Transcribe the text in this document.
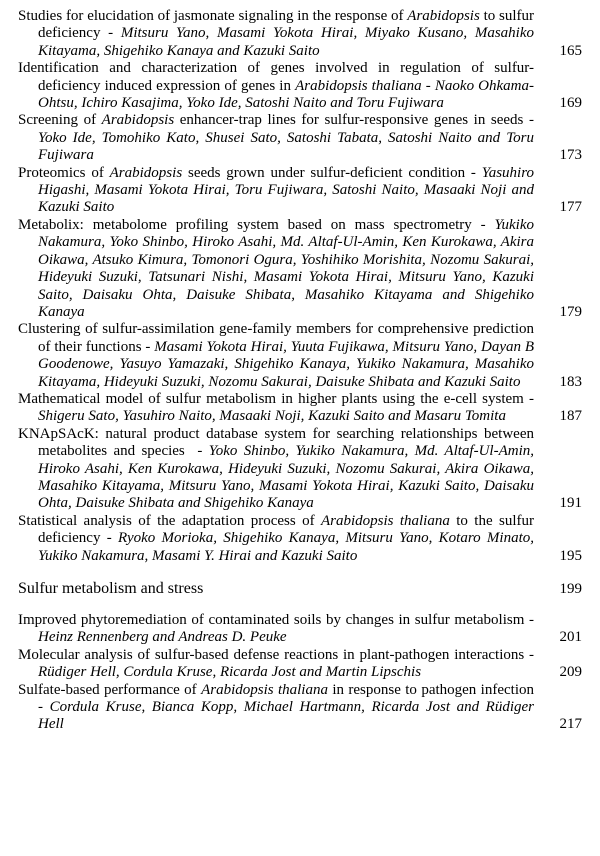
Studies for elucidation of jasmonate signaling in the response of Arabidopsis to sulfur deficiency - Mitsuru Yano, Masami Yokota Hirai, Miyako Kusano, Masahiko Kitayama, Shigehiko Kanaya and Kazuki Saito	165
Identification and characterization of genes involved in regulation of sulfur-deficiency induced expression of genes in Arabidopsis thaliana - Naoko Ohkama-Ohtsu, Ichiro Kasajima, Yoko Ide, Satoshi Naito and Toru Fujiwara	169
Screening of Arabidopsis enhancer-trap lines for sulfur-responsive genes in seeds - Yoko Ide, Tomohiko Kato, Shusei Sato, Satoshi Tabata, Satoshi Naito and Toru Fujiwara	173
Proteomics of Arabidopsis seeds grown under sulfur-deficient condition - Yasuhiro Higashi, Masami Yokota Hirai, Toru Fujiwara, Satoshi Naito, Masaaki Noji and Kazuki Saito	177
Metabolix: metabolome profiling system based on mass spectrometry - Yukiko Nakamura, Yoko Shinbo, Hiroko Asahi, Md. Altaf-Ul-Amin, Ken Kurokawa, Akira Oikawa, Atsuko Kimura, Tomonori Ogura, Yoshihiko Morishita, Nozomu Sakurai, Hideyuki Suzuki, Tatsunari Nishi, Masami Yokota Hirai, Mitsuru Yano, Kazuki Saito, Daisaku Ohta, Daisuke Shibata, Masahiko Kitayama and Shigehiko Kanaya	179
Clustering of sulfur-assimilation gene-family members for comprehensive prediction of their functions - Masami Yokota Hirai, Yuuta Fujikawa, Mitsuru Yano, Dayan B Goodenowe, Yasuyo Yamazaki, Shigehiko Kanaya, Yukiko Nakamura, Masahiko Kitayama, Hideyuki Suzuki, Nozomu Sakurai, Daisuke Shibata and Kazuki Saito	183
Mathematical model of sulfur metabolism in higher plants using the e-cell system - Shigeru Sato, Yasuhiro Naito, Masaaki Noji, Kazuki Saito and Masaru Tomita	187
KNApSAcK: natural product database system for searching relationships between metabolites and species  - Yoko Shinbo, Yukiko Nakamura, Md. Altaf-Ul-Amin, Hiroko Asahi, Ken Kurokawa, Hideyuki Suzuki, Nozomu Sakurai, Akira Oikawa, Masahiko Kitayama, Mitsuru Yano, Masami Yokota Hirai, Kazuki Saito, Daisaku Ohta, Daisuke Shibata and Shigehiko Kanaya	191
Statistical analysis of the adaptation process of Arabidopsis thaliana to the sulfur deficiency - Ryoko Morioka, Shigehiko Kanaya, Mitsuru Yano, Kotaro Minato, Yukiko Nakamura, Masami Y. Hirai and Kazuki Saito	195
Sulfur metabolism and stress	199
Improved phytoremediation of contaminated soils by changes in sulfur metabolism - Heinz Rennenberg and Andreas D. Peuke	201
Molecular analysis of sulfur-based defense reactions in plant-pathogen interactions - Rüdiger Hell, Cordula Kruse, Ricarda Jost and Martin Lipschis	209
Sulfate-based performance of Arabidopsis thaliana in response to pathogen infection - Cordula Kruse, Bianca Kopp, Michael Hartmann, Ricarda Jost and Rüdiger Hell	217
